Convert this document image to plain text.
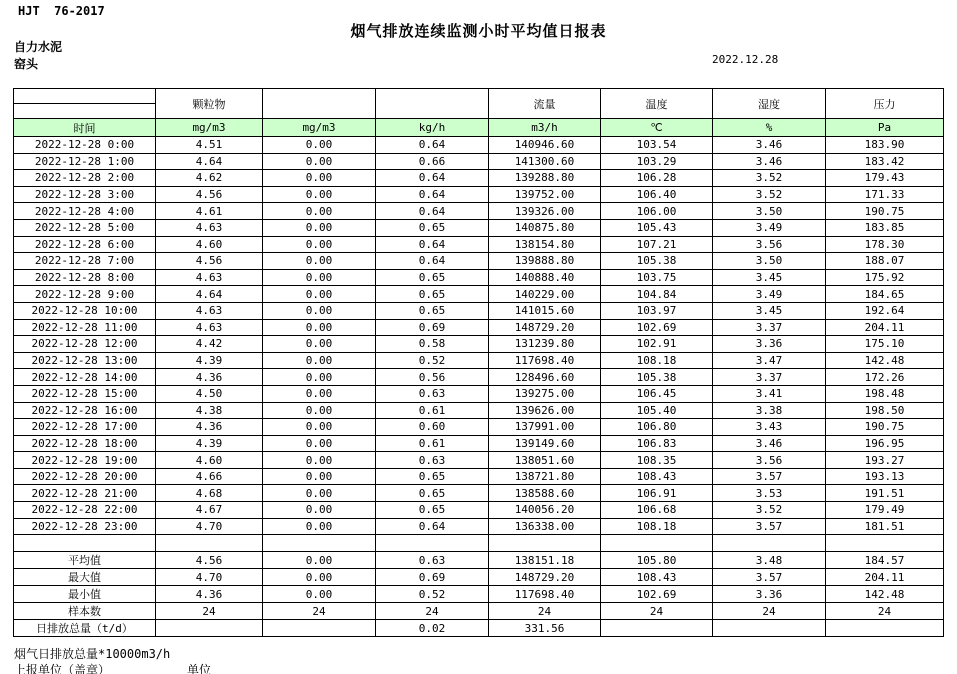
HJT  76-2017
烟气排放连续监测小时平均值日报表
自力水泥
窑头	2022.12.28
	颗粒物			流量	温度	湿度	压力

时间	mg/m3	mg/m3	kg/h	m3/h	℃	%	Pa
2022-12-28 0:00	4.51	0.00	0.64	140946.60	103.54	3.46	183.90
2022-12-28 1:00	4.64	0.00	0.66	141300.60	103.29	3.46	183.42
2022-12-28 2:00	4.62	0.00	0.64	139288.80	106.28	3.52	179.43
2022-12-28 3:00	4.56	0.00	0.64	139752.00	106.40	3.52	171.33
2022-12-28 4:00	4.61	0.00	0.64	139326.00	106.00	3.50	190.75
2022-12-28 5:00	4.63	0.00	0.65	140875.80	105.43	3.49	183.85
2022-12-28 6:00	4.60	0.00	0.64	138154.80	107.21	3.56	178.30
2022-12-28 7:00	4.56	0.00	0.64	139888.80	105.38	3.50	188.07
2022-12-28 8:00	4.63	0.00	0.65	140888.40	103.75	3.45	175.92
2022-12-28 9:00	4.64	0.00	0.65	140229.00	104.84	3.49	184.65
2022-12-28 10:00	4.63	0.00	0.65	141015.60	103.97	3.45	192.64
2022-12-28 11:00	4.63	0.00	0.69	148729.20	102.69	3.37	204.11
2022-12-28 12:00	4.42	0.00	0.58	131239.80	102.91	3.36	175.10
2022-12-28 13:00	4.39	0.00	0.52	117698.40	108.18	3.47	142.48
2022-12-28 14:00	4.36	0.00	0.56	128496.60	105.38	3.37	172.26
2022-12-28 15:00	4.50	0.00	0.63	139275.00	106.45	3.41	198.48
2022-12-28 16:00	4.38	0.00	0.61	139626.00	105.40	3.38	198.50
2022-12-28 17:00	4.36	0.00	0.60	137991.00	106.80	3.43	190.75
2022-12-28 18:00	4.39	0.00	0.61	139149.60	106.83	3.46	196.95
2022-12-28 19:00	4.60	0.00	0.63	138051.60	108.35	3.56	193.27
2022-12-28 20:00	4.66	0.00	0.65	138721.80	108.43	3.57	193.13
2022-12-28 21:00	4.68	0.00	0.65	138588.60	106.91	3.53	191.51
2022-12-28 22:00	4.67	0.00	0.65	140056.20	106.68	3.52	179.49
2022-12-28 23:00	4.70	0.00	0.64	136338.00	108.18	3.57	181.51

平均值	4.56	0.00	0.63	138151.18	105.80	3.48	184.57
最大值	4.70	0.00	0.69	148729.20	108.43	3.57	204.11
最小值	4.36	0.00	0.52	117698.40	102.69	3.36	142.48
样本数	24	24	24	24	24	24	24
日排放总量（t/d）			0.02	331.56			
烟气日排放总量*10000m3/h
上报单位（盖章）	单位
